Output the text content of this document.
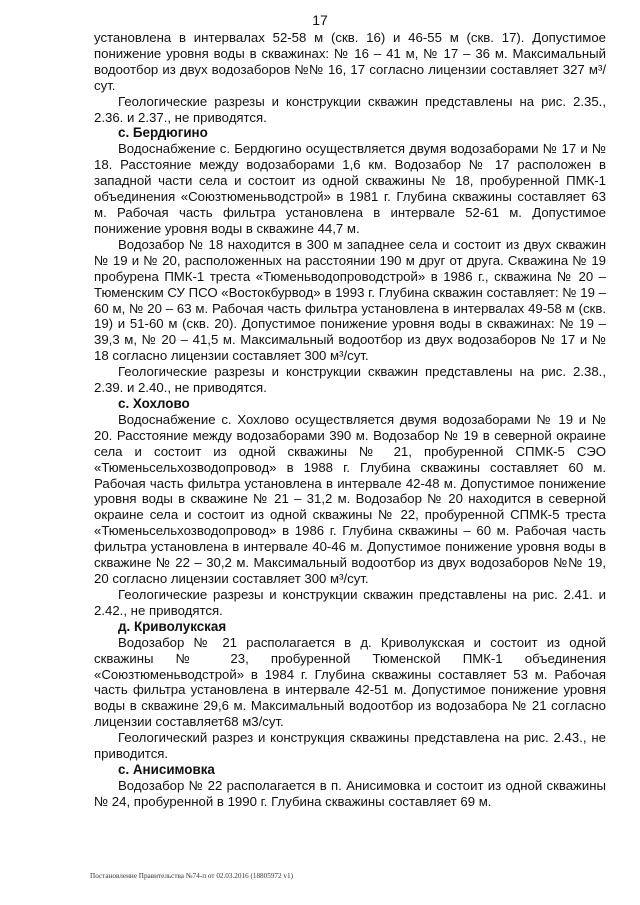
17

установлена в интервалах 52-58 м (скв. 16) и 46-55 м (скв. 17). Допустимое понижение уровня воды в скважинах: № 16 – 41 м, № 17 – 36 м. Максимальный водоотбор из двух водозаборов №№ 16, 17 согласно лицензии составляет 327 м³/сут.

Геологические разрезы и конструкции скважин представлены на рис. 2.35., 2.36. и 2.37., не приводятся.

с. Бердюгино

Водоснабжение с. Бердюгино осуществляется двумя водозаборами № 17 и № 18. Расстояние между водозаборами 1,6 км. Водозабор № 17 расположен в западной части села и состоит из одной скважины № 18, пробуренной ПМК-1 объединения «Союзтюменьводстрой» в 1981 г. Глубина скважины составляет 63 м. Рабочая часть фильтра установлена в интервале 52-61 м. Допустимое понижение уровня воды в скважине 44,7 м.

Водозабор № 18 находится в 300 м западнее села и состоит из двух скважин № 19 и № 20, расположенных на расстоянии 190 м друг от друга. Скважина № 19 пробурена ПМК-1 треста «Тюменьводопроводстрой» в 1986 г., скважина № 20 – Тюменским СУ ПСО «Востокбурвод» в 1993 г. Глубина скважин составляет: № 19 – 60 м, № 20 – 63 м. Рабочая часть фильтра установлена в интервалах 49-58 м (скв. 19) и 51-60 м (скв. 20). Допустимое понижение уровня воды в скважинах: № 19 – 39,3 м, № 20 – 41,5 м. Максимальный водоотбор из двух водозаборов № 17 и № 18 согласно лицензии составляет 300 м³/сут.

Геологические разрезы и конструкции скважин представлены на рис. 2.38., 2.39. и 2.40., не приводятся.

с. Хохлово

Водоснабжение с. Хохлово осуществляется двумя водозаборами № 19 и № 20. Расстояние между водозаборами 390 м. Водозабор № 19 в северной окраине села и состоит из одной скважины № 21, пробуренной СПМК-5 СЭО «Тюменьсельхозводопровод» в 1988 г. Глубина скважины составляет 60 м. Рабочая часть фильтра установлена в интервале 42-48 м. Допустимое понижение уровня воды в скважине № 21 – 31,2 м. Водозабор № 20 находится в северной окраине села и состоит из одной скважины № 22, пробуренной СПМК-5 треста «Тюменьсельхозводопровод» в 1986 г. Глубина скважины – 60 м. Рабочая часть фильтра установлена в интервале 40-46 м. Допустимое понижение уровня воды в скважине № 22 – 30,2 м. Максимальный водоотбор из двух водозаборов №№ 19, 20 согласно лицензии составляет 300 м³/сут.

Геологические разрезы и конструкции скважин представлены на рис. 2.41. и 2.42., не приводятся.

д. Криволукская

Водозабор № 21 располагается в д. Криволукская и состоит из одной скважины № 23, пробуренной Тюменской ПМК-1 объединения «Союзтюменьводстрой» в 1984 г. Глубина скважины составляет 53 м. Рабочая часть фильтра установлена в интервале 42-51 м. Допустимое понижение уровня воды в скважине 29,6 м. Максимальный водоотбор из водозабора № 21 согласно лицензии составляет68 м3/сут.

Геологический разрез и конструкция скважины представлена на рис. 2.43., не приводится.

с. Анисимовка

Водозабор № 22 располагается в п. Анисимовка и состоит из одной скважины № 24, пробуренной в 1990 г. Глубина скважины составляет 69 м.

Постановление Правительства №74-п от 02.03.2016 (18805972 v1)
